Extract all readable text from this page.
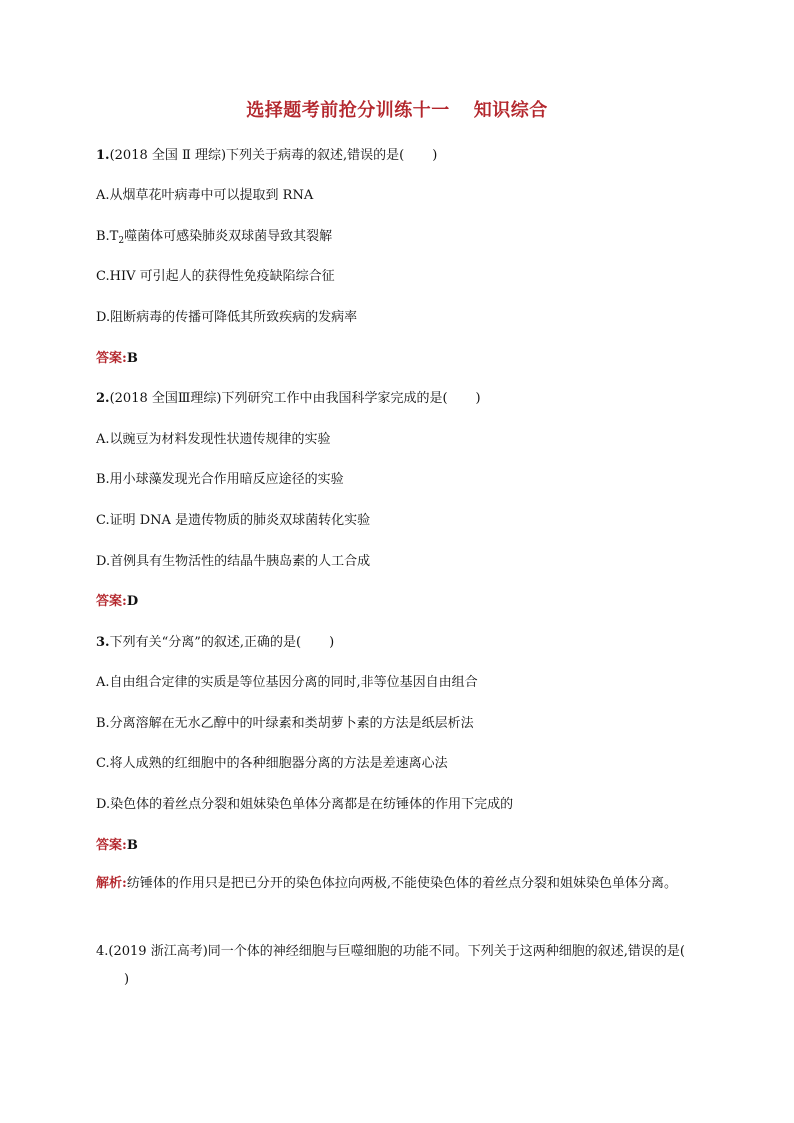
选择题考前抢分训练十一 知识综合
1.(2018 全国 Ⅱ 理综)下列关于病毒的叙述,错误的是( )
A.从烟草花叶病毒中可以提取到 RNA
$B.T_2$噬菌体可感染肺炎双球菌导致其裂解
C.HIV 可引起人的获得性免疫缺陷综合征
D.阻断病毒的传播可降低其所致疾病的发病率
答案:B
2.(2018 全国Ⅲ理综)下列研究工作中由我国科学家完成的是( )
A.以豌豆为材料发现性状遗传规律的实验
B.用小球藻发现光合作用暗反应途径的实验
C.证明 DNA 是遗传物质的肺炎双球菌转化实验
D.首例具有生物活性的结晶牛胰岛素的人工合成
答案:D
3.下列有关“分离”的叙述,正确的是( )
A.自由组合定律的实质是等位基因分离的同时,非等位基因自由组合
B.分离溶解在无水乙醇中的叶绿素和类胡萝卜素的方法是纸层析法
C.将人成熟的红细胞中的各种细胞器分离的方法是差速离心法
D.染色体的着丝点分裂和姐妹染色单体分离都是在纺锤体的作用下完成的
答案:B
解析:纺锤体的作用只是把已分开的染色体拉向两极,不能使染色体的着丝点分裂和姐妹染色单体分离。
4.(2019 浙江高考)同一个体的神经细胞与巨噬细胞的功能不同。下列关于这两种细胞的叙述,错误的是()
